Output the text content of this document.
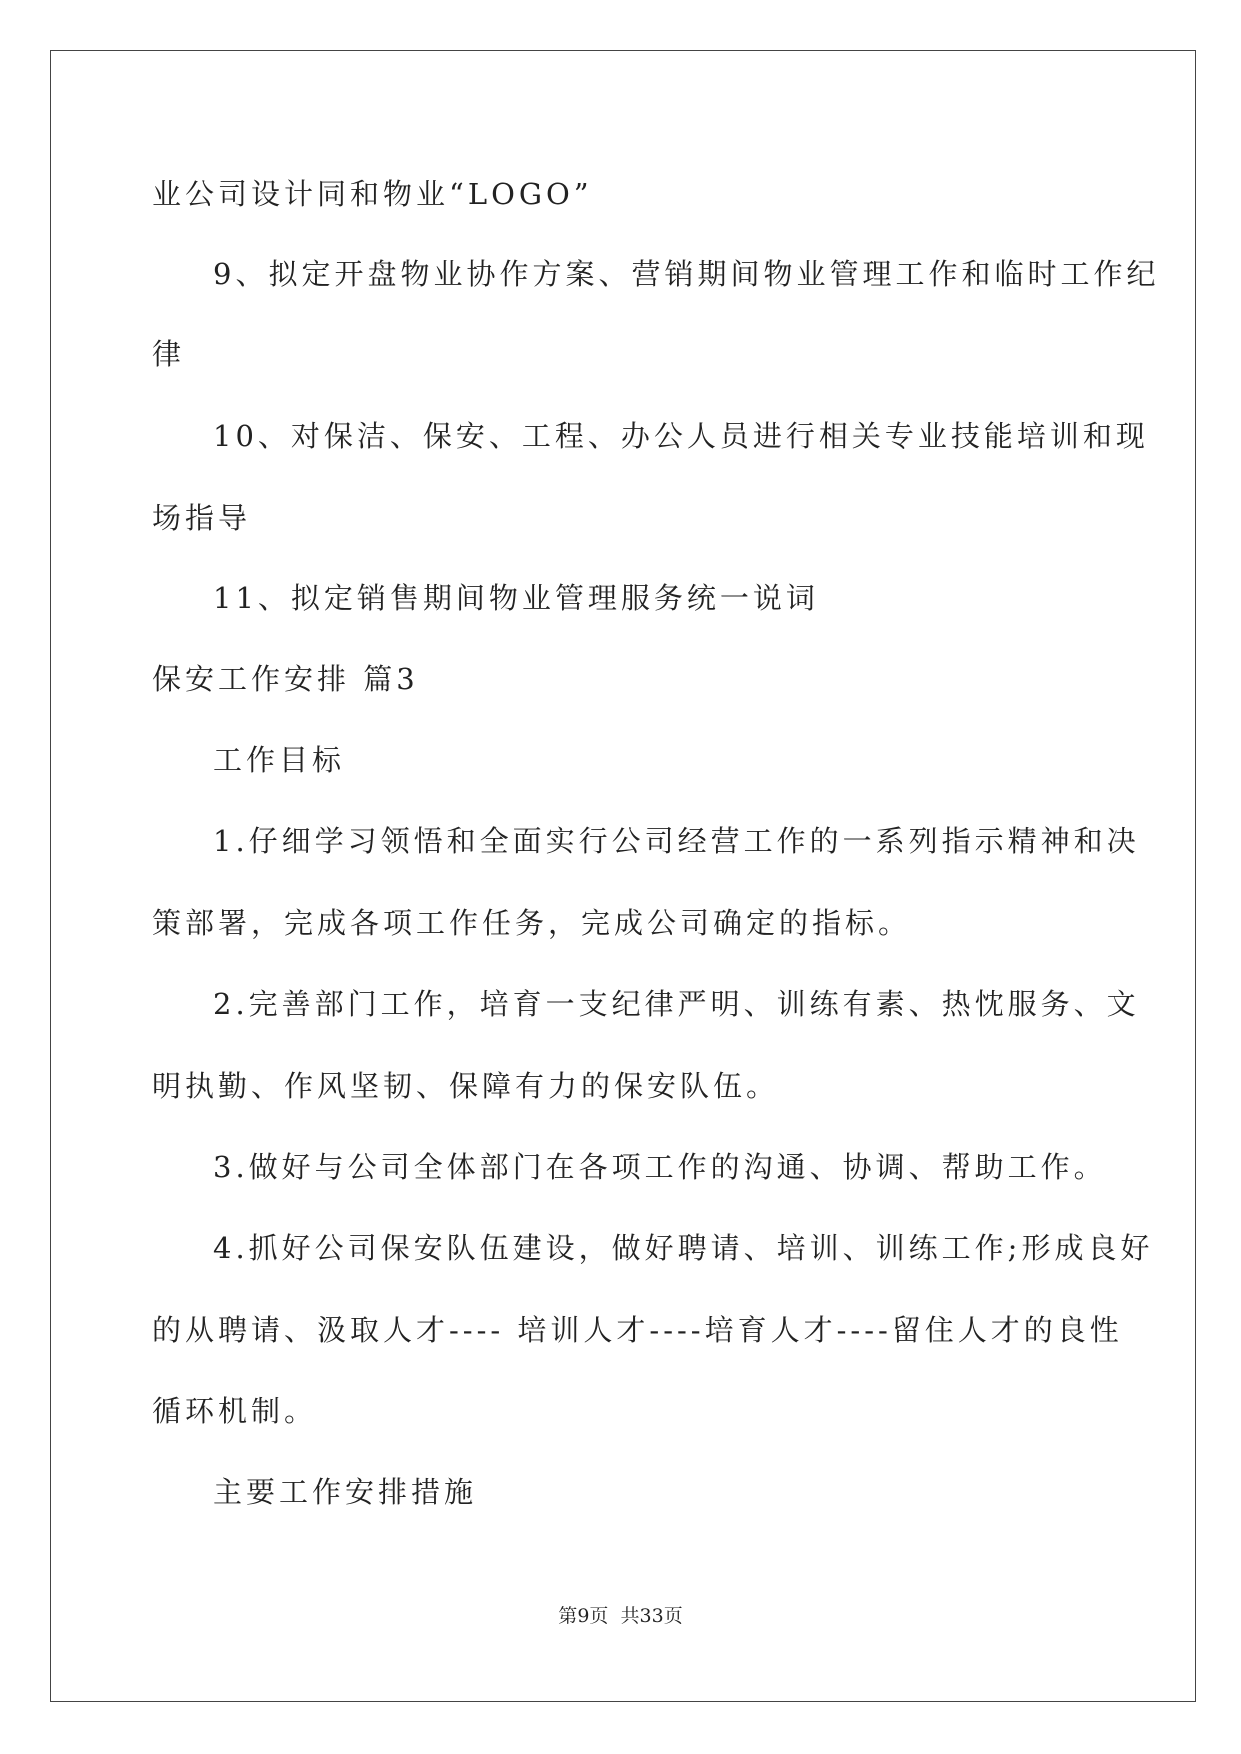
业公司设计同和物业“LOGO”
9、拟定开盘物业协作方案、营销期间物业管理工作和临时工作纪
律
10、对保洁、保安、工程、办公人员进行相关专业技能培训和现
场指导
11、拟定销售期间物业管理服务统一说词
保安工作安排 篇3
工作目标
1.仔细学习领悟和全面实行公司经营工作的一系列指示精神和决
策部署，完成各项工作任务，完成公司确定的指标。
2.完善部门工作，培育一支纪律严明、训练有素、热忱服务、文
明执勤、作风坚韧、保障有力的保安队伍。
3.做好与公司全体部门在各项工作的沟通、协调、帮助工作。
4.抓好公司保安队伍建设，做好聘请、培训、训练工作;形成良好
的从聘请、汲取人才---- 培训人才----培育人才----留住人才的良性
循环机制。
主要工作安排措施
第9页  共33页
